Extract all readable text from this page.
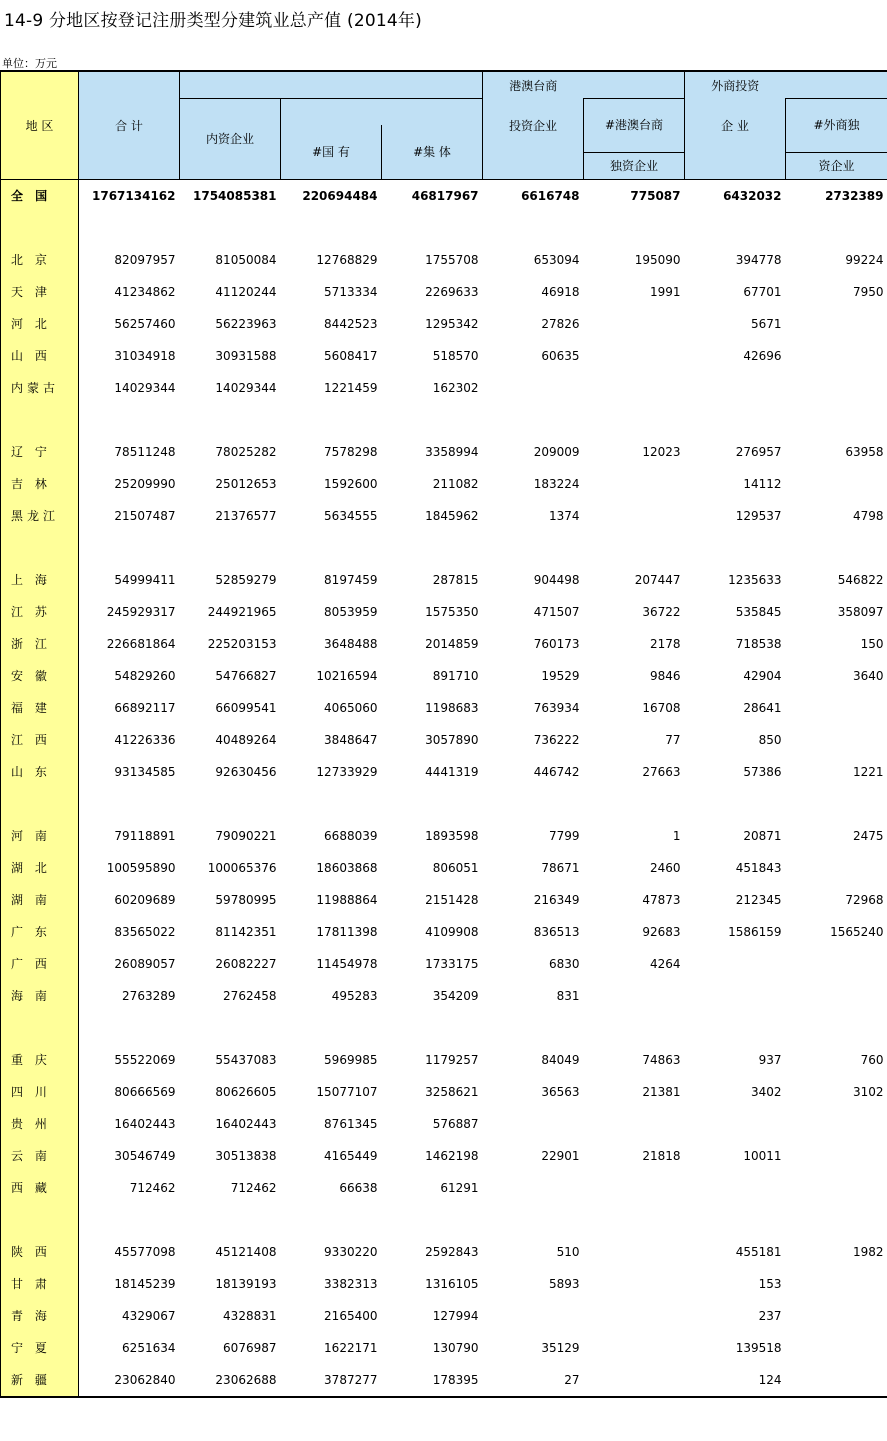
14-9 分地区按登记注册类型分建筑业总产值 (2014年)
单位：万元
地 区	合 计				港澳台商		外商投资	
		内资企业			投资企业	#港澳台商	企 业	#外商独

			#国 有	#集 体				
						独资企业		资企业
全 国	1767134162	1754085381	220694484	46817967	6616748	775087	6432032	2732389

北 京	82097957	81050084	12768829	1755708	653094	195090	394778	99224
天 津	41234862	41120244	5713334	2269633	46918	1991	67701	7950
河 北	56257460	56223963	8442523	1295342	27826		5671	
山 西	31034918	30931588	5608417	518570	60635		42696	
内蒙古	14029344	14029344	1221459	162302				

辽 宁	78511248	78025282	7578298	3358994	209009	12023	276957	63958
吉 林	25209990	25012653	1592600	211082	183224		14112	
黑龙江	21507487	21376577	5634555	1845962	1374		129537	4798

上 海	54999411	52859279	8197459	287815	904498	207447	1235633	546822
江 苏	245929317	244921965	8053959	1575350	471507	36722	535845	358097
浙 江	226681864	225203153	3648488	2014859	760173	2178	718538	150
安 徽	54829260	54766827	10216594	891710	19529	9846	42904	3640
福 建	66892117	66099541	4065060	1198683	763934	16708	28641	
江 西	41226336	40489264	3848647	3057890	736222	77	850	
山 东	93134585	92630456	12733929	4441319	446742	27663	57386	1221

河 南	79118891	79090221	6688039	1893598	7799	1	20871	2475
湖 北	100595890	100065376	18603868	806051	78671	2460	451843	
湖 南	60209689	59780995	11988864	2151428	216349	47873	212345	72968
广 东	83565022	81142351	17811398	4109908	836513	92683	1586159	1565240
广 西	26089057	26082227	11454978	1733175	6830	4264		
海 南	2763289	2762458	495283	354209	831			

重 庆	55522069	55437083	5969985	1179257	84049	74863	937	760
四 川	80666569	80626605	15077107	3258621	36563	21381	3402	3102
贵 州	16402443	16402443	8761345	576887				
云 南	30546749	30513838	4165449	1462198	22901	21818	10011	
西 藏	712462	712462	66638	61291				

陕 西	45577098	45121408	9330220	2592843	510		455181	1982
甘 肃	18145239	18139193	3382313	1316105	5893		153	
青 海	4329067	4328831	2165400	127994			237	
宁 夏	6251634	6076987	1622171	130790	35129		139518	
新 疆	23062840	23062688	3787277	178395	27		124	
